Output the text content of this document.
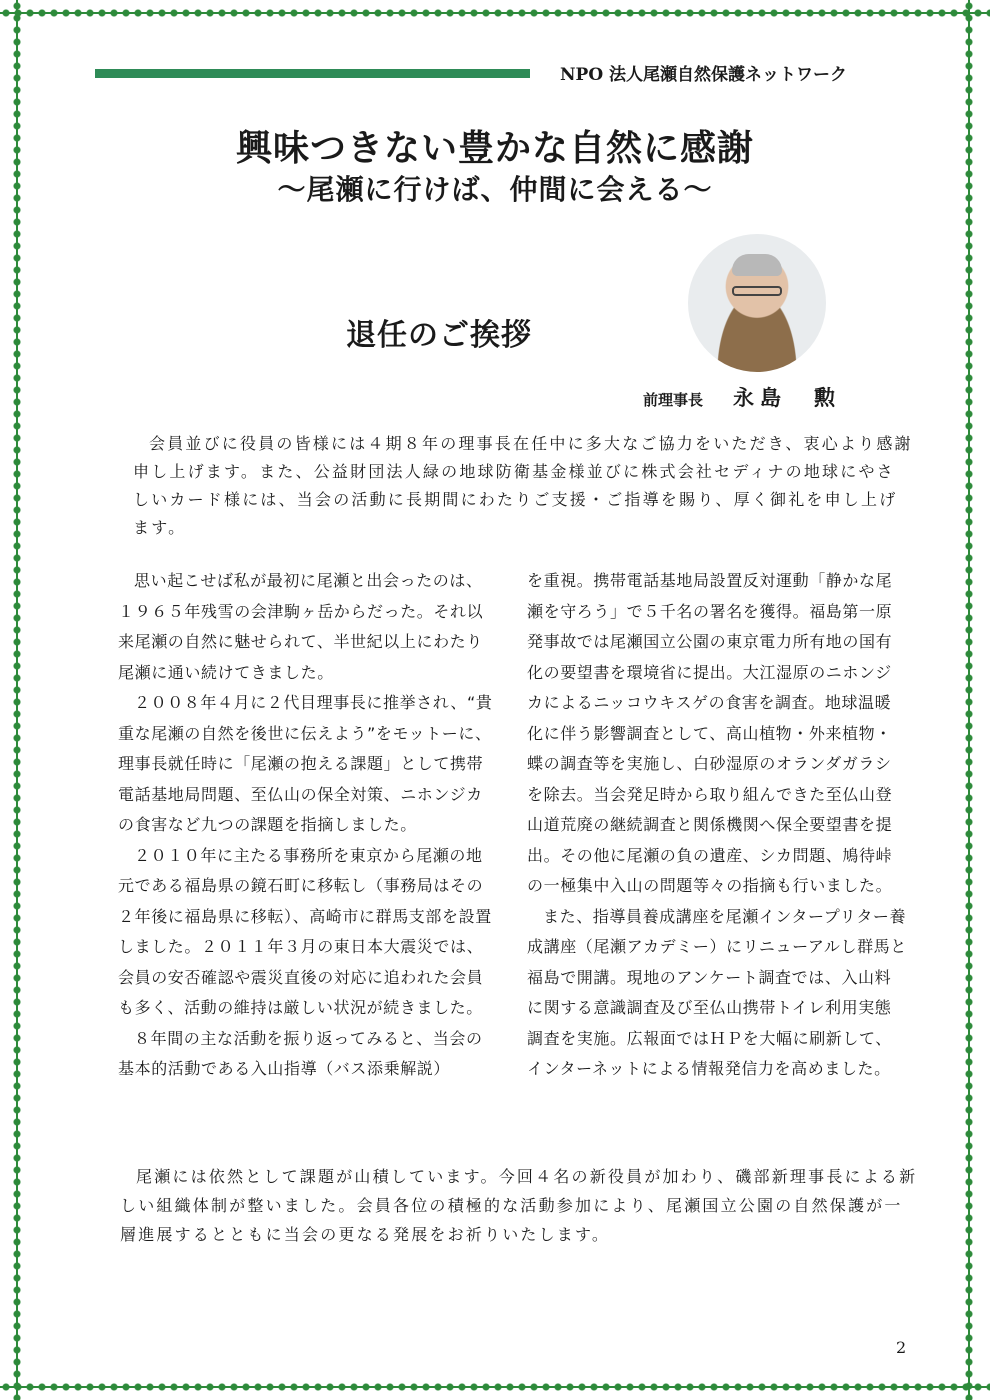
NPO 法人尾瀬自然保護ネットワーク
興味つきない豊かな自然に感謝
～尾瀬に行けば、仲間に会える～
退任のご挨拶
前理事長 永島　勲

会員並びに役員の皆様には４期８年の理事長在任中に多大なご協力をいただき、衷心より感謝申し上げます。また、公益財団法人緑の地球防衛基金様並びに株式会社セディナの地球にやさしいカード様には、当会の活動に長期間にわたりご支援・ご指導を賜り、厚く御礼を申し上げます。

思い起こせば私が最初に尾瀬と出会ったのは、１９６５年残雪の会津駒ヶ岳からだった。それ以来尾瀬の自然に魅せられて、半世紀以上にわたり尾瀬に通い続けてきました。

２００８年４月に２代目理事長に推挙され、“貴重な尾瀬の自然を後世に伝えよう”をモットーに、理事長就任時に「尾瀬の抱える課題」として携帯電話基地局問題、至仏山の保全対策、ニホンジカの食害など九つの課題を指摘しました。

２０１０年に主たる事務所を東京から尾瀬の地元である福島県の鏡石町に移転し（事務局はその２年後に福島県に移転）、高崎市に群馬支部を設置しました。２０１１年３月の東日本大震災では、会員の安否確認や震災直後の対応に追われた会員も多く、活動の維持は厳しい状況が続きました。

８年間の主な活動を振り返ってみると、当会の基本的活動である入山指導（バス添乗解説）

を重視。携帯電話基地局設置反対運動「静かな尾瀬を守ろう」で５千名の署名を獲得。福島第一原発事故では尾瀬国立公園の東京電力所有地の国有化の要望書を環境省に提出。大江湿原のニホンジカによるニッコウキスゲの食害を調査。地球温暖化に伴う影響調査として、高山植物・外来植物・蝶の調査等を実施し、白砂湿原のオランダガラシを除去。当会発足時から取り組んできた至仏山登山道荒廃の継続調査と関係機関へ保全要望書を提出。その他に尾瀬の負の遺産、シカ問題、鳩待峠の一極集中入山の問題等々の指摘も行いました。

また、指導員養成講座を尾瀬インタープリター養成講座（尾瀬アカデミー）にリニューアルし群馬と福島で開講。現地のアンケート調査では、入山料に関する意識調査及び至仏山携帯トイレ利用実態調査を実施。広報面ではＨＰを大幅に刷新して、インターネットによる情報発信力を高めました。

尾瀬には依然として課題が山積しています。今回４名の新役員が加わり、磯部新理事長による新しい組織体制が整いました。会員各位の積極的な活動参加により、尾瀬国立公園の自然保護が一層進展するとともに当会の更なる発展をお祈りいたします。

2
